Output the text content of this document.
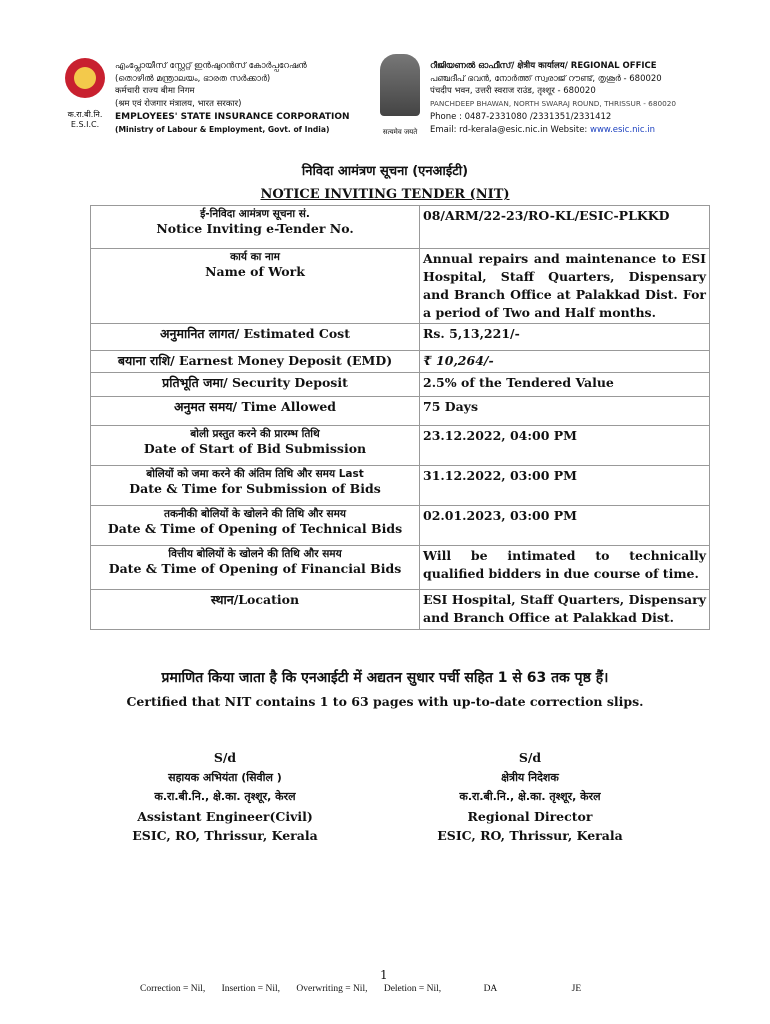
क.रा.बी.नि.
E.S.I.C.
എംപ്ലോയീസ് സ്റ്റേറ്റ് ഇൻഷുറൻസ് കോർപ്പറേഷൻ
(തൊഴിൽ മന്ത്രാലയം, ഭാരത സർക്കാർ)
कर्मचारी राज्य बीमा निगम
(श्रम एवं रोजगार मंत्रालय, भारत सरकार)
EMPLOYEES' STATE INSURANCE CORPORATION
(Ministry of Labour & Employment, Govt. of India)	सत्यमेव जयते
റീജിയണൽ ഓഫീസ്/ क्षेत्रीय कार्यालय/ REGIONAL OFFICE
പഞ്ചദീപ് ഭവൻ, നോർത്ത് സ്വരാജ് റൗണ്ട്, തൃശൂർ - 680020
पंचदीप भवन, उत्तरी स्वराज राउंड, तृश्शूर - 680020
PANCHDEEP BHAWAN, NORTH SWARAJ ROUND, THRISSUR - 680020
Phone : 0487-2331080 /2331351/2331412
Email: rd-kerala@esic.nic.in Website: www.esic.nic.in
निविदा आमंत्रण सूचना (एनआईटी)
NOTICE INVITING TENDER (NIT)
ई-निविदा आमंत्रण सूचना सं.
Notice Inviting e-Tender No.	08/ARM/22-23/RO-KL/ESIC-PLKKD

कार्य का नाम
Name of Work	Annual repairs and maintenance to ESI Hospital, Staff Quarters, Dispensary and Branch Office at Palakkad Dist. For a period of Two and Half months.
अनुमानित लागत/ Estimated Cost	Rs. 5,13,221/-
बयाना राशि/ Earnest Money Deposit (EMD)	₹ 10,264/-
प्रतिभूति जमा/ Security Deposit	2.5% of the Tendered Value
अनुमत समय/ Time Allowed	75 Days

बोली प्रस्तुत करने की प्रारम्भ तिथि
Date of Start of Bid Submission	23.12.2022, 04:00 PM

बोलियों को जमा करने की अंतिम तिथि और समय Last
Date & Time for Submission of Bids	31.12.2022, 03:00 PM

तकनीकी बोलियों के खोलने की तिथि और समय
Date & Time of Opening of Technical Bids	02.01.2023, 03:00 PM

वित्तीय बोलियों के खोलने की तिथि और समय
Date & Time of Opening of Financial Bids	Will be intimated to technically qualified bidders in due course of time.
स्थान/Location	ESI Hospital, Staff Quarters, Dispensary and Branch Office at Palakkad Dist.
प्रमाणित किया जाता है कि एनआईटी में अद्यतन सुधार पर्ची सहित 1 से 63 तक पृष्ठ हैं।
Certified that NIT contains 1 to 63 pages with up-to-date correction slips.
S/d
सहायक अभियंता (सिवील )
क.रा.बी.नि., क्षे.का. तृश्शूर, केरल
Assistant Engineer(Civil)
ESIC, RO, Thrissur, Kerala
S/d
क्षेत्रीय निदेशक
क.रा.बी.नि., क्षे.का. तृश्शूर, केरल
Regional Director
ESIC, RO, Thrissur, Kerala
1
Correction = Nil, Insertion = Nil, Overwriting = Nil, Deletion = Nil,	DA	JE
